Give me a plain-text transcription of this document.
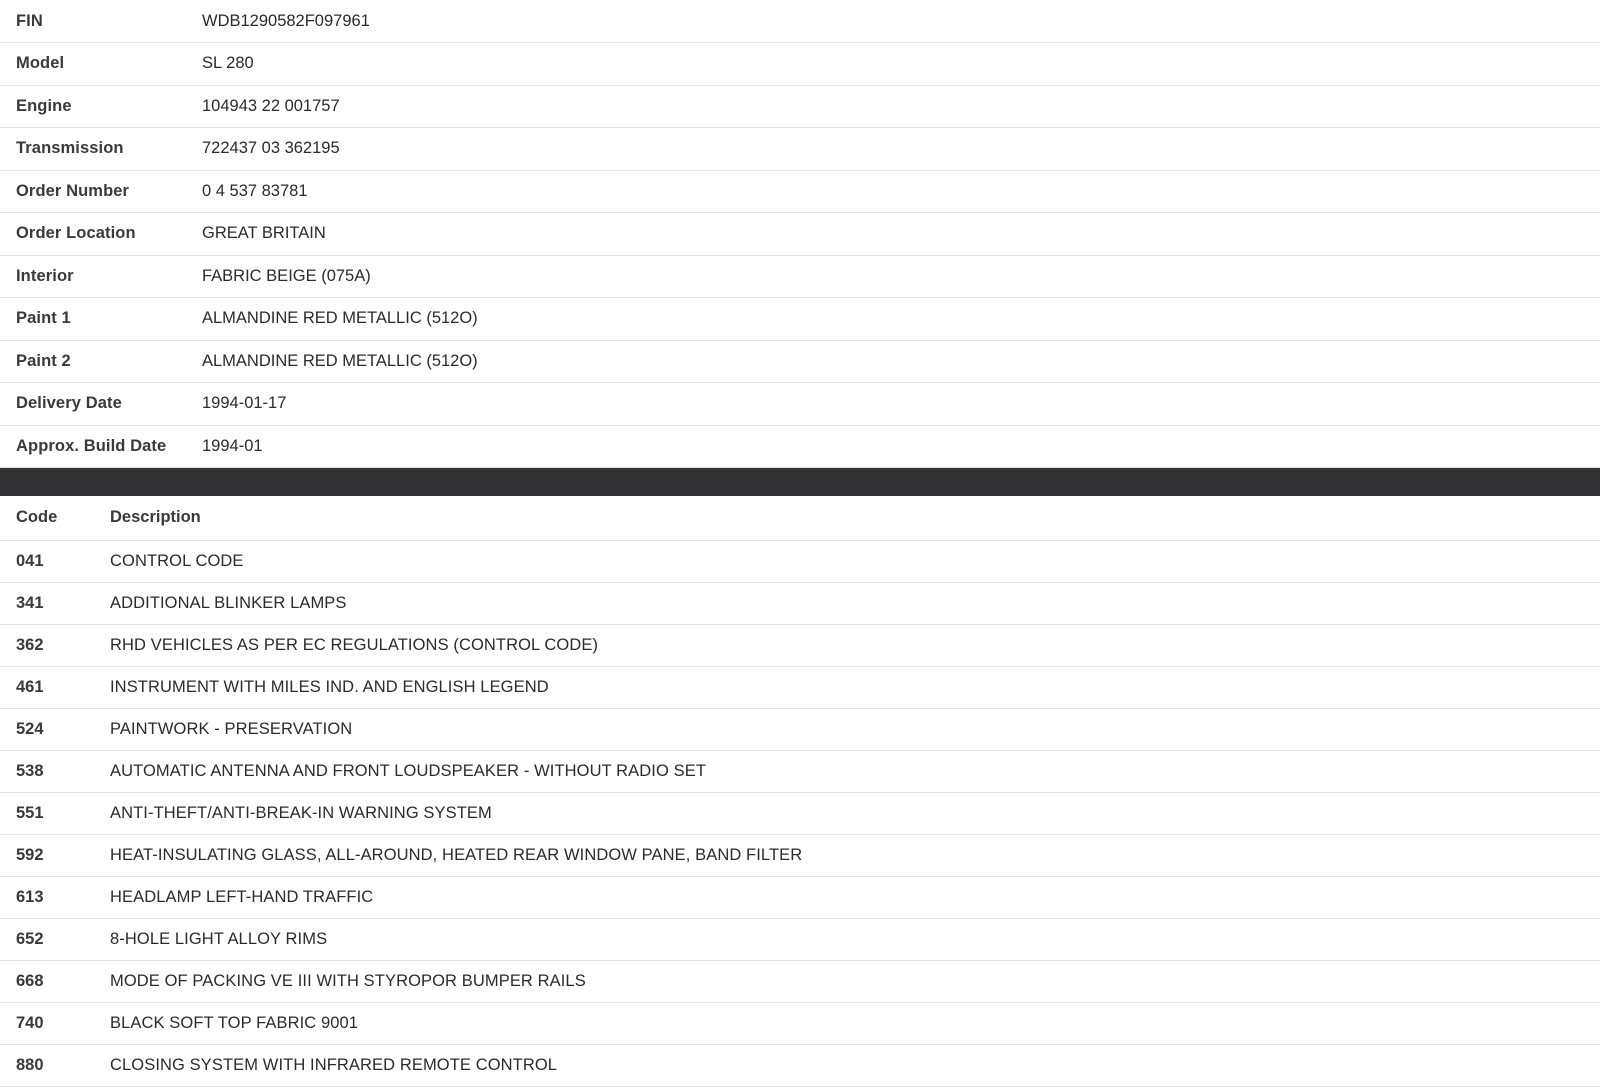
FIN	WDB1290582F097961
Model	SL 280
Engine	104943 22 001757
Transmission	722437 03 362195
Order Number	0 4 537 83781
Order Location	GREAT BRITAIN
Interior	FABRIC BEIGE (075A)
Paint 1	ALMANDINE RED METALLIC (512O)
Paint 2	ALMANDINE RED METALLIC (512O)
Delivery Date	1994-01-17
Approx. Build Date	1994-01
Code	Description
041	CONTROL CODE
341	ADDITIONAL BLINKER LAMPS
362	RHD VEHICLES AS PER EC REGULATIONS (CONTROL CODE)
461	INSTRUMENT WITH MILES IND. AND ENGLISH LEGEND
524	PAINTWORK - PRESERVATION
538	AUTOMATIC ANTENNA AND FRONT LOUDSPEAKER - WITHOUT RADIO SET
551	ANTI-THEFT/ANTI-BREAK-IN WARNING SYSTEM
592	HEAT-INSULATING GLASS, ALL-AROUND, HEATED REAR WINDOW PANE, BAND FILTER
613	HEADLAMP LEFT-HAND TRAFFIC
652	8-HOLE LIGHT ALLOY RIMS
668	MODE OF PACKING VE III WITH STYROPOR BUMPER RAILS
740	BLACK SOFT TOP FABRIC 9001
880	CLOSING SYSTEM WITH INFRARED REMOTE CONTROL
